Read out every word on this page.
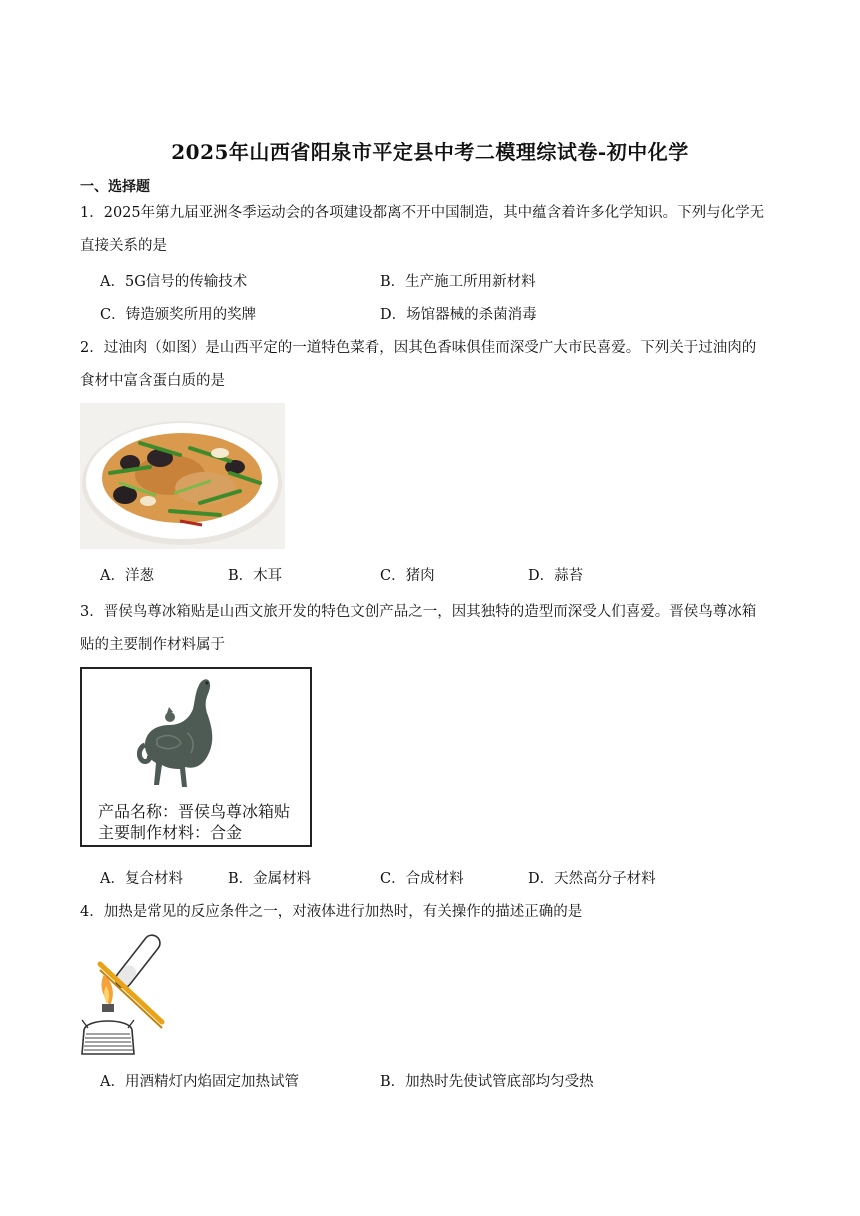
2025年山西省阳泉市平定县中考二模理综试卷-初中化学
一、选择题
1．2025年第九届亚洲冬季运动会的各项建设都离不开中国制造，其中蕴含着许多化学知识。下列与化学无
直接关系的是
A．5G信号的传输技术	B．生产施工所用新材料
C．铸造颁奖所用的奖牌	D．场馆器械的杀菌消毒
2．过油肉（如图）是山西平定的一道特色菜肴，因其色香味俱佳而深受广大市民喜爱。下列关于过油肉的
食材中富含蛋白质的是
A．洋葱	B．木耳	C．猪肉	D．蒜苔
3．晋侯鸟尊冰箱贴是山西文旅开发的特色文创产品之一，因其独特的造型而深受人们喜爱。晋侯鸟尊冰箱
贴的主要制作材料属于
产品名称：晋侯鸟尊冰箱贴
主要制作材料：合金
A．复合材料	B．金属材料	C．合成材料	D．天然高分子材料
4．加热是常见的反应条件之一，对液体进行加热时，有关操作的描述正确的是
A．用酒精灯内焰固定加热试管	B．加热时先使试管底部均匀受热
